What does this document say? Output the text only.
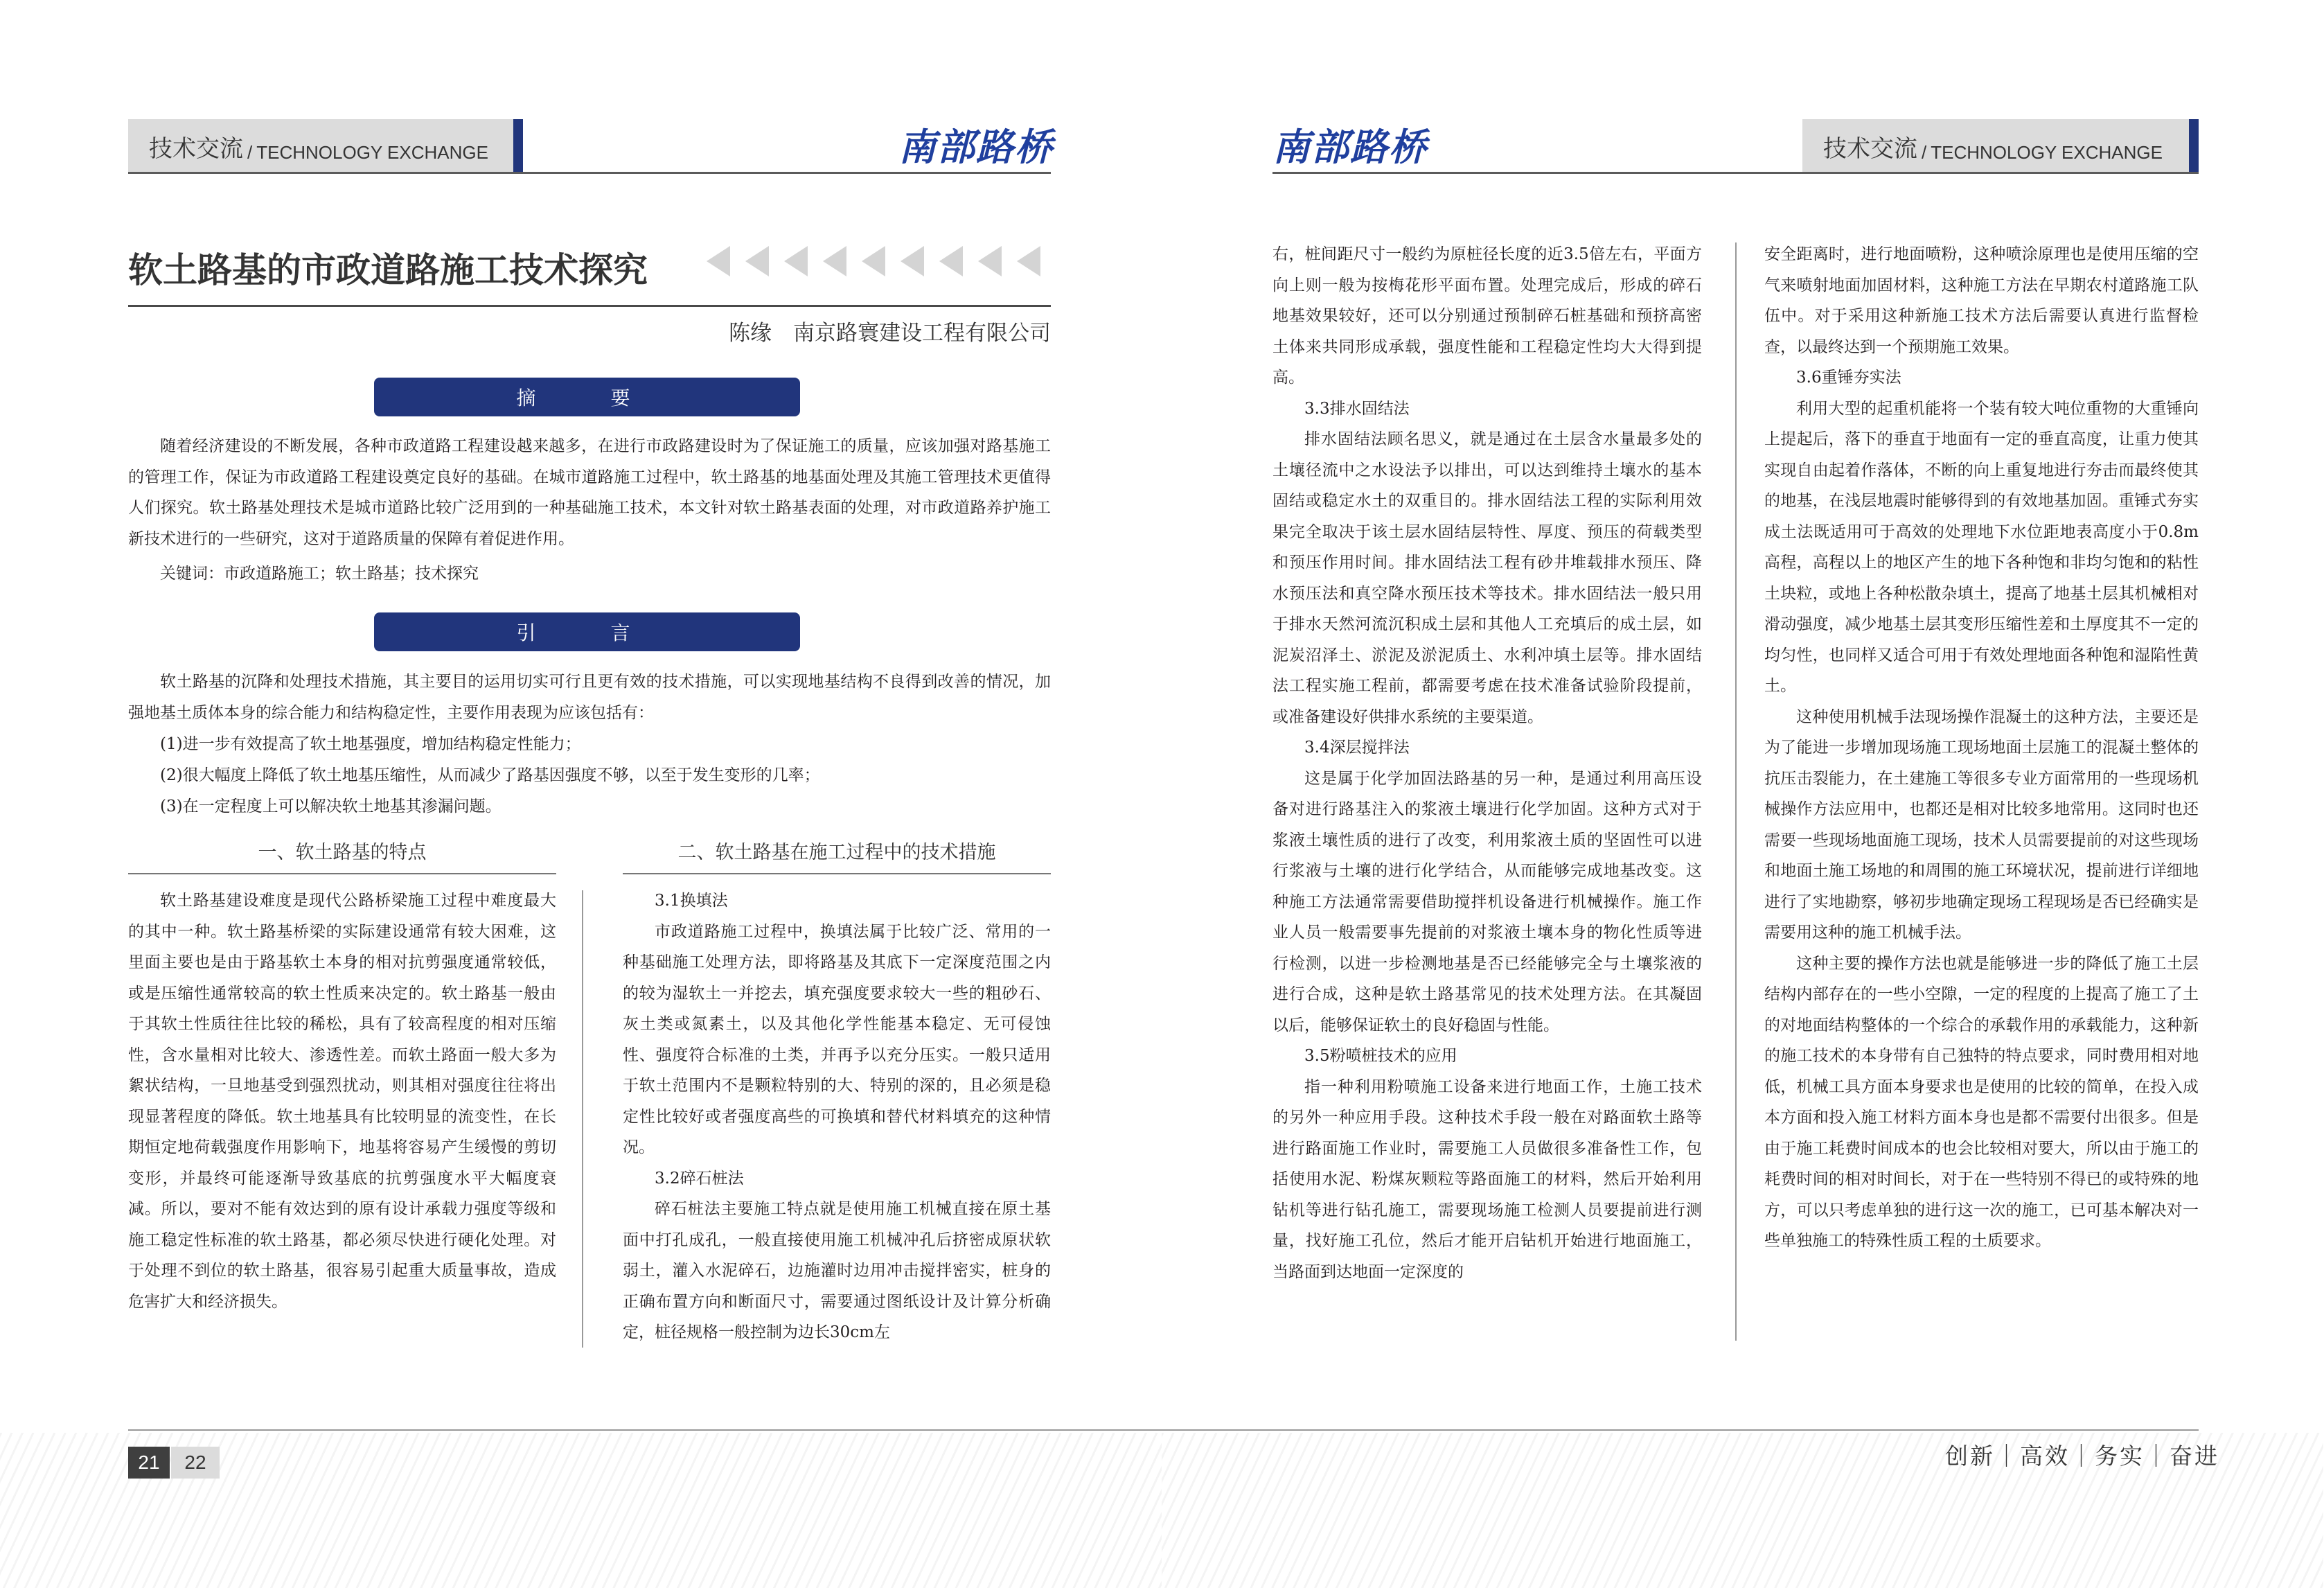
技术交流 / TECHNOLOGY EXCHANGE	南部路桥
软土路基的市政道路施工技术探究
陈缘　南京路寰建设工程有限公司
摘　要
随着经济建设的不断发展，各种市政道路工程建设越来越多，在进行市政路建设时为了保证施工的质量，应该加强对路基施工的管理工作，保证为市政道路工程建设奠定良好的基础。在城市道路施工过程中，软土路基的地基面处理及其施工管理技术更值得人们探究。软土路基处理技术是城市道路比较广泛用到的一种基础施工技术，本文针对软土路基表面的处理，对市政道路养护施工新技术进行的一些研究，这对于道路质量的保障有着促进作用。
关键词：市政道路施工；软土路基；技术探究
引　言
软土路基的沉降和处理技术措施，其主要目的运用切实可行且更有效的技术措施，可以实现地基结构不良得到改善的情况，加强地基土质体本身的综合能力和结构稳定性，主要作用表现为应该包括有：
(1)进一步有效提高了软土地基强度，增加结构稳定性能力；
(2)很大幅度上降低了软土地基压缩性，从而减少了路基因强度不够，以至于发生变形的几率；
(3)在一定程度上可以解决软土地基其渗漏问题。
一、软土路基的特点	二、软土路基在施工过程中的技术措施
软土路基建设难度是现代公路桥梁施工过程中难度最大的其中一种。软土路基桥梁的实际建设通常有较大困难，这里面主要也是由于路基软土本身的相对抗剪强度通常较低，或是压缩性通常较高的软土性质来决定的。软土路基一般由于其软土性质往往比较的稀松，具有了较高程度的相对压缩性，含水量相对比较大、渗透性差。而软土路面一般大多为絮状结构，一旦地基受到强烈扰动，则其相对强度往往将出现显著程度的降低。软土地基具有比较明显的流变性，在长期恒定地荷载强度作用影响下，地基将容易产生缓慢的剪切变形，并最终可能逐渐导致基底的抗剪强度水平大幅度衰减。所以，要对不能有效达到的原有设计承载力强度等级和施工稳定性标准的软土路基，都必须尽快进行硬化处理。对于处理不到位的软土路基，很容易引起重大质量事故，造成危害扩大和经济损失。

3.1换填法

市政道路施工过程中，换填法属于比较广泛、常用的一种基础施工处理方法，即将路基及其底下一定深度范围之内的较为湿软土一并挖去，填充强度要求较大一些的粗砂石、灰土类或氮素土，以及其他化学性能基本稳定、无可侵蚀性、强度符合标准的土类，并再予以充分压实。一般只适用于软土范围内不是颗粒特别的大、特别的深的，且必须是稳定性比较好或者强度高些的可换填和替代材料填充的这种情况。

3.2碎石桩法

碎石桩法主要施工特点就是使用施工机械直接在原土基面中打孔成孔，一般直接使用施工机械冲孔后挤密成原状软弱土，灌入水泥碎石，边施灌时边用冲击搅拌密实，桩身的正确布置方向和断面尺寸，需要通过图纸设计及计算分析确定，桩径规格一般控制为边长30cm左

21	22
南部路桥	技术交流 / TECHNOLOGY EXCHANGE

右，桩间距尺寸一般约为原桩径长度的近3.5倍左右，平面方向上则一般为按梅花形平面布置。处理完成后，形成的碎石地基效果较好，还可以分别通过预制碎石桩基础和预挤高密土体来共同形成承载，强度性能和工程稳定性均大大得到提高。

3.3排水固结法

排水固结法顾名思义，就是通过在土层含水量最多处的土壤径流中之水设法予以排出，可以达到维持土壤水的基本固结或稳定水土的双重目的。排水固结法工程的实际利用效果完全取决于该土层水固结层特性、厚度、预压的荷载类型和预压作用时间。排水固结法工程有砂井堆载排水预压、降水预压法和真空降水预压技术等技术。排水固结法一般只用于排水天然河流沉积成土层和其他人工充填后的成土层，如泥炭沼泽土、淤泥及淤泥质土、水利冲填土层等。排水固结法工程实施工程前，都需要考虑在技术准备试验阶段提前，或准备建设好供排水系统的主要渠道。

3.4深层搅拌法

这是属于化学加固法路基的另一种，是通过利用高压设备对进行路基注入的浆液土壤进行化学加固。这种方式对于浆液土壤性质的进行了改变，利用浆液土质的坚固性可以进行浆液与土壤的进行化学结合，从而能够完成地基改变。这种施工方法通常需要借助搅拌机设备进行机械操作。施工作业人员一般需要事先提前的对浆液土壤本身的物化性质等进行检测，以进一步检测地基是否已经能够完全与土壤浆液的进行合成，这种是软土路基常见的技术处理方法。在其凝固以后，能够保证软土的良好稳固与性能。

3.5粉喷桩技术的应用

指一种利用粉喷施工设备来进行地面工作，土施工技术的另外一种应用手段。这种技术手段一般在对路面软土路等进行路面施工作业时，需要施工人员做很多准备性工作，包括使用水泥、粉煤灰颗粒等路面施工的材料，然后开始利用钻机等进行钻孔施工，需要现场施工检测人员要提前进行测量，找好施工孔位，然后才能开启钻机开始进行地面施工，当路面到达地面一定深度的

安全距离时，进行地面喷粉，这种喷涂原理也是使用压缩的空气来喷射地面加固材料，这种施工方法在早期农村道路施工队伍中。对于采用这种新施工技术方法后需要认真进行监督检查，以最终达到一个预期施工效果。

3.6重锤夯实法

利用大型的起重机能将一个装有较大吨位重物的大重锤向上提起后，落下的垂直于地面有一定的垂直高度，让重力使其实现自由起着作落体，不断的向上重复地进行夯击而最终使其的地基，在浅层地震时能够得到的有效地基加固。重锤式夯实成土法既适用可于高效的处理地下水位距地表高度小于0.8m高程，高程以上的地区产生的地下各种饱和非均匀饱和的粘性土块粒，或地上各种松散杂填土，提高了地基土层其机械相对滑动强度，减少地基土层其变形压缩性差和土厚度其不一定的均匀性，也同样又适合可用于有效处理地面各种饱和湿陷性黄土。

这种使用机械手法现场操作混凝土的这种方法，主要还是为了能进一步增加现场施工现场地面土层施工的混凝土整体的抗压击裂能力，在土建施工等很多专业方面常用的一些现场机械操作方法应用中，也都还是相对比较多地常用。这同时也还需要一些现场地面施工现场，技术人员需要提前的对这些现场和地面土施工场地的和周围的施工环境状况，提前进行详细地进行了实地勘察，够初步地确定现场工程现场是否已经确实是需要用这种的施工机械手法。

这种主要的操作方法也就是能够进一步的降低了施工土层结构内部存在的一些小空隙，一定的程度的上提高了施工了土的对地面结构整体的一个综合的承载作用的承载能力，这种新的施工技术的本身带有自己独特的特点要求，同时费用相对地低，机械工具方面本身要求也是使用的比较的简单，在投入成本方面和投入施工材料方面本身也是都不需要付出很多。但是由于施工耗费时间成本的也会比较相对要大，所以由于施工的耗费时间的相对时间长，对于在一些特别不得已的或特殊的地方，可以只考虑单独的进行这一次的施工，已可基本解决对一些单独施工的特殊性质工程的土质要求。

创新｜高效｜务实｜奋进
